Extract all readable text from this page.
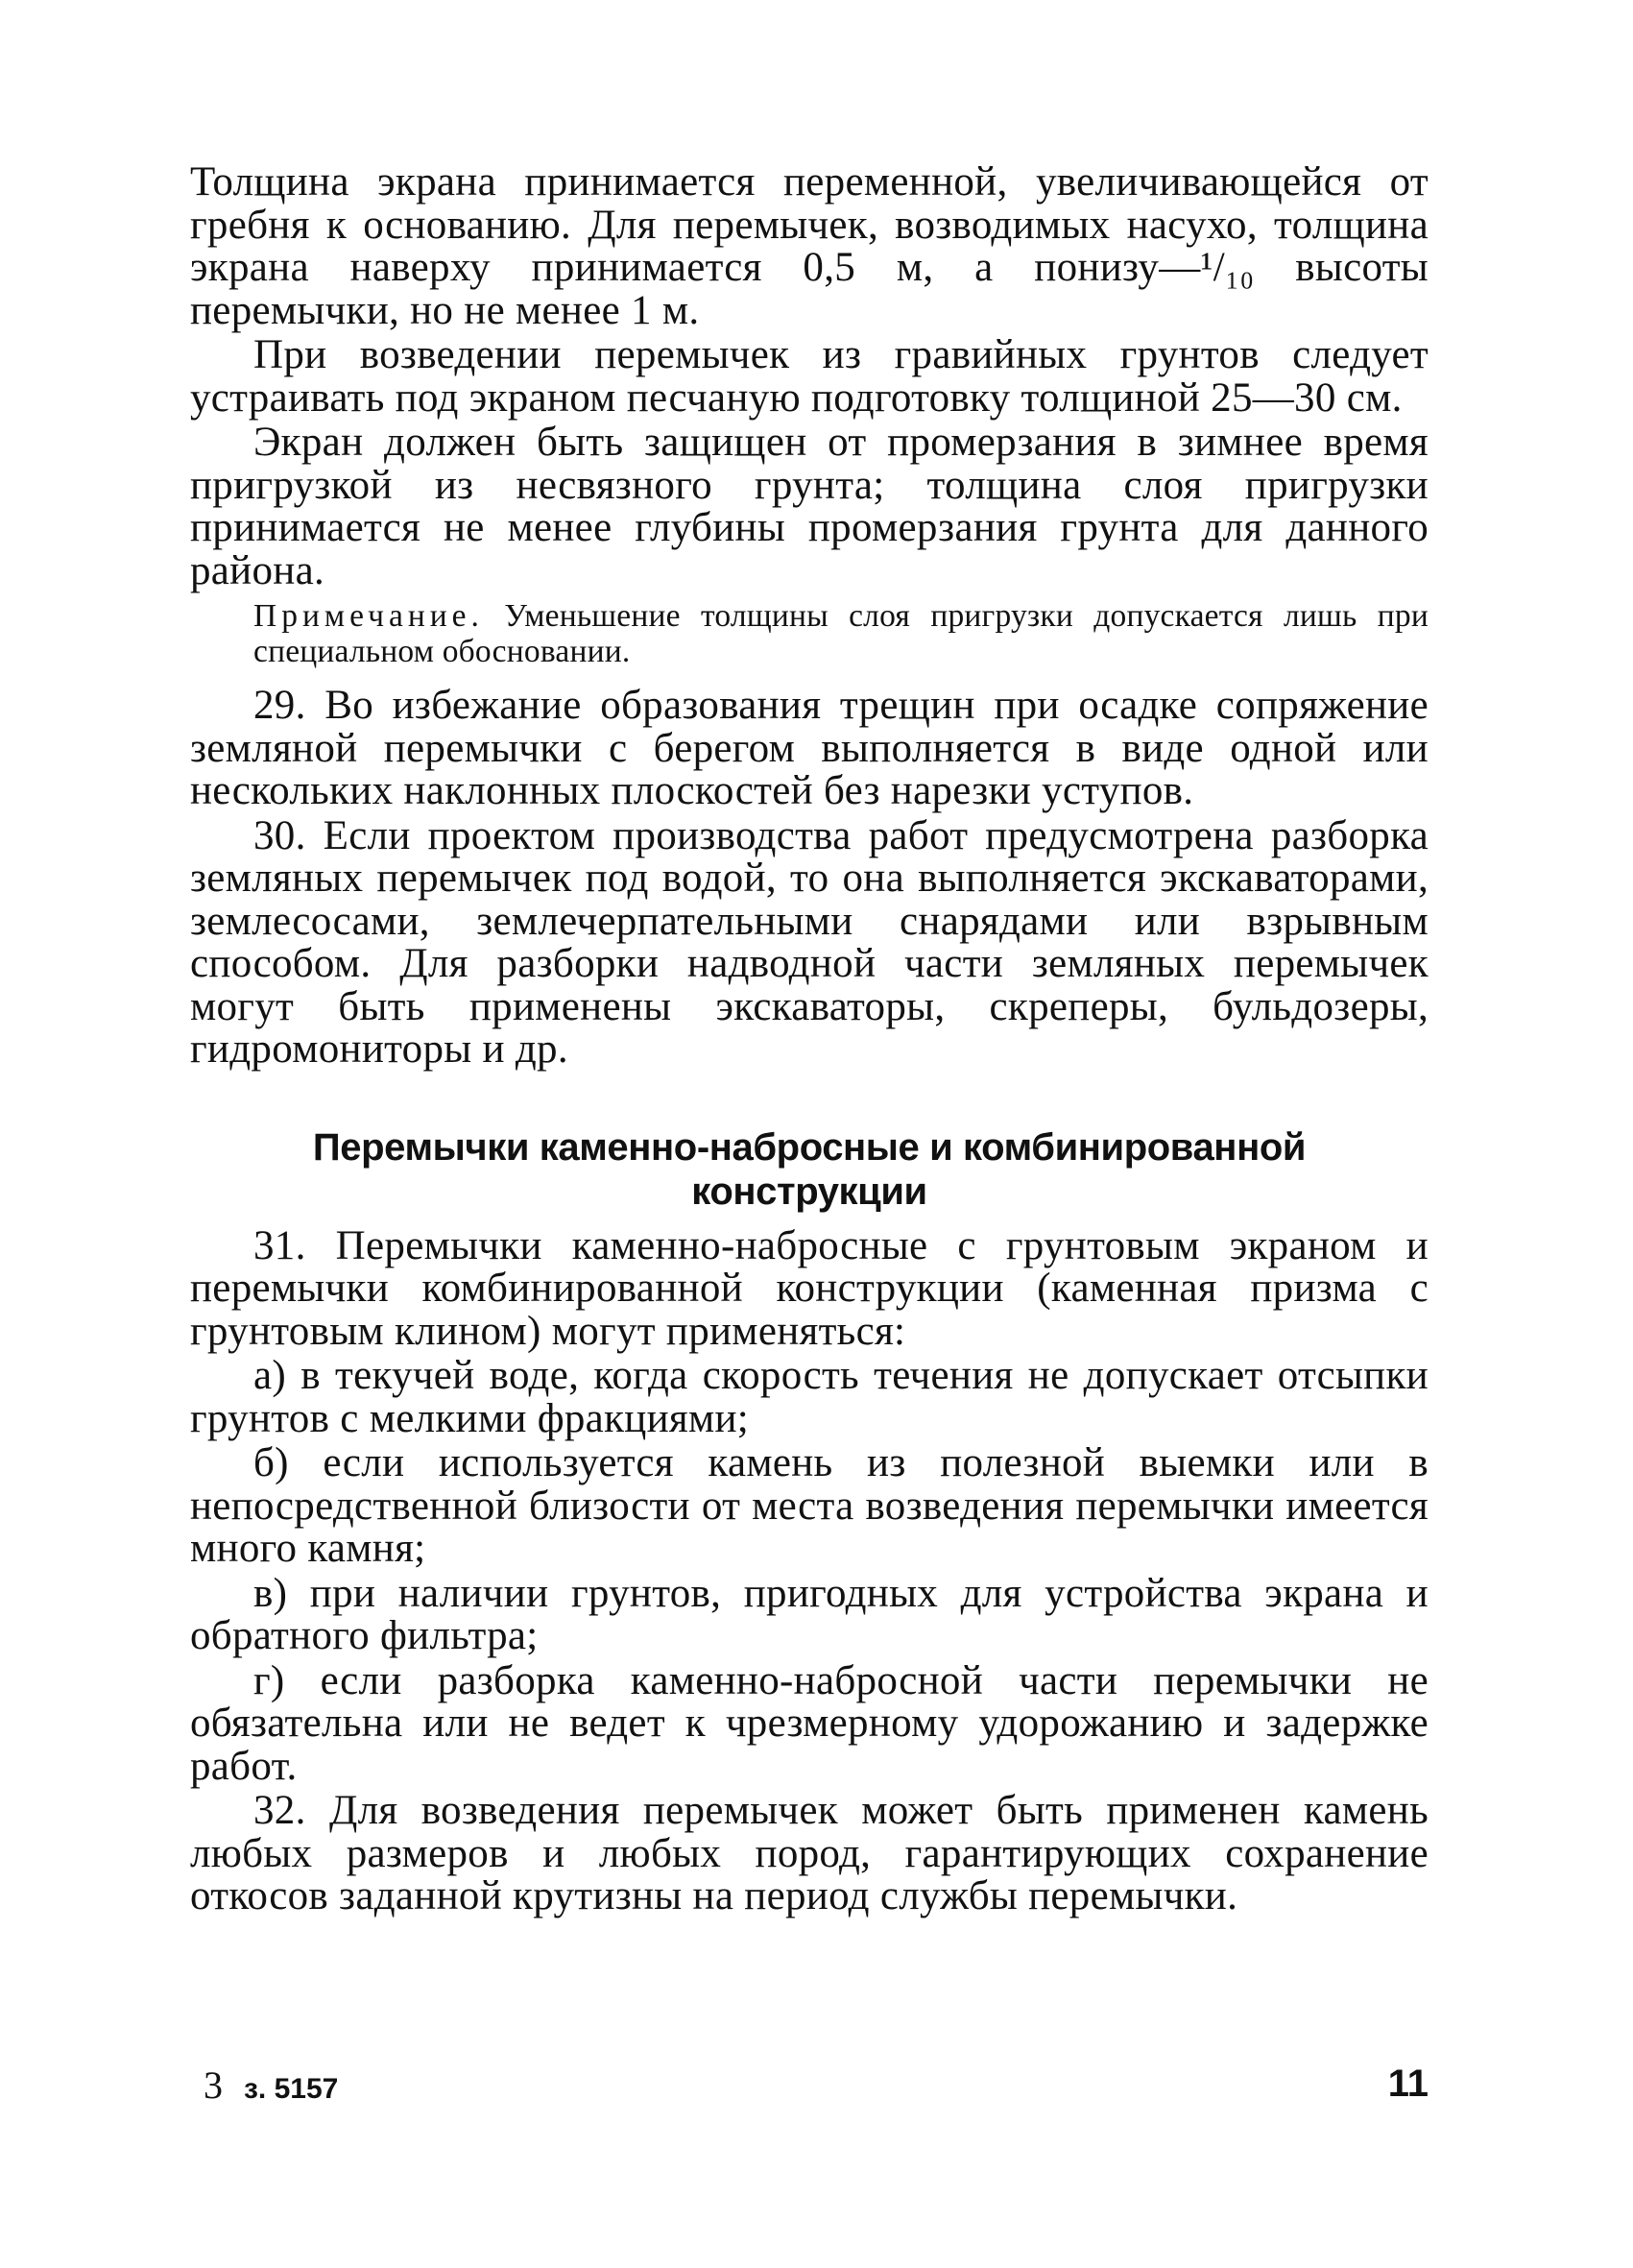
Толщина экрана принимается переменной, увеличивающейся от гребня к основанию. Для перемычек, возводимых насухо, толщина экрана наверху принимается 0,5 м, а понизу—¹/₁₀ высоты перемычки, но не менее 1 м.

При возведении перемычек из гравийных грунтов следует устраивать под экраном песчаную подготовку толщиной 25—30 см.

Экран должен быть защищен от промерзания в зимнее время пригрузкой из несвязного грунта; толщина слоя пригрузки принимается не менее глубины промерзания грунта для данного района.

Примечание. Уменьшение толщины слоя пригрузки допускается лишь при специальном обосновании.

29. Во избежание образования трещин при осадке сопряжение земляной перемычки с берегом выполняется в виде одной или нескольких наклонных плоскостей без нарезки уступов.

30. Если проектом производства работ предусмотрена разборка земляных перемычек под водой, то она выполняется экскаваторами, землесосами, землечерпательными снарядами или взрывным способом. Для разборки надводной части земляных перемычек могут быть применены экскаваторы, скреперы, бульдозеры, гидромониторы и др.

Перемычки каменно-набросные и комбинированной конструкции

31. Перемычки каменно-набросные с грунтовым экраном и перемычки комбинированной конструкции (каменная призма с грунтовым клином) могут применяться:

а) в текучей воде, когда скорость течения не допускает отсыпки грунтов с мелкими фракциями;

б) если используется камень из полезной выемки или в непосредственной близости от места возведения перемычки имеется много камня;

в) при наличии грунтов, пригодных для устройства экрана и обратного фильтра;

г) если разборка каменно-набросной части перемычки не обязательна или не ведет к чрезмерному удорожанию и задержке работ.

32. Для возведения перемычек может быть применен камень любых размеров и любых пород, гарантирующих сохранение откосов заданной крутизны на период службы перемычки.

3 з. 5157	11
